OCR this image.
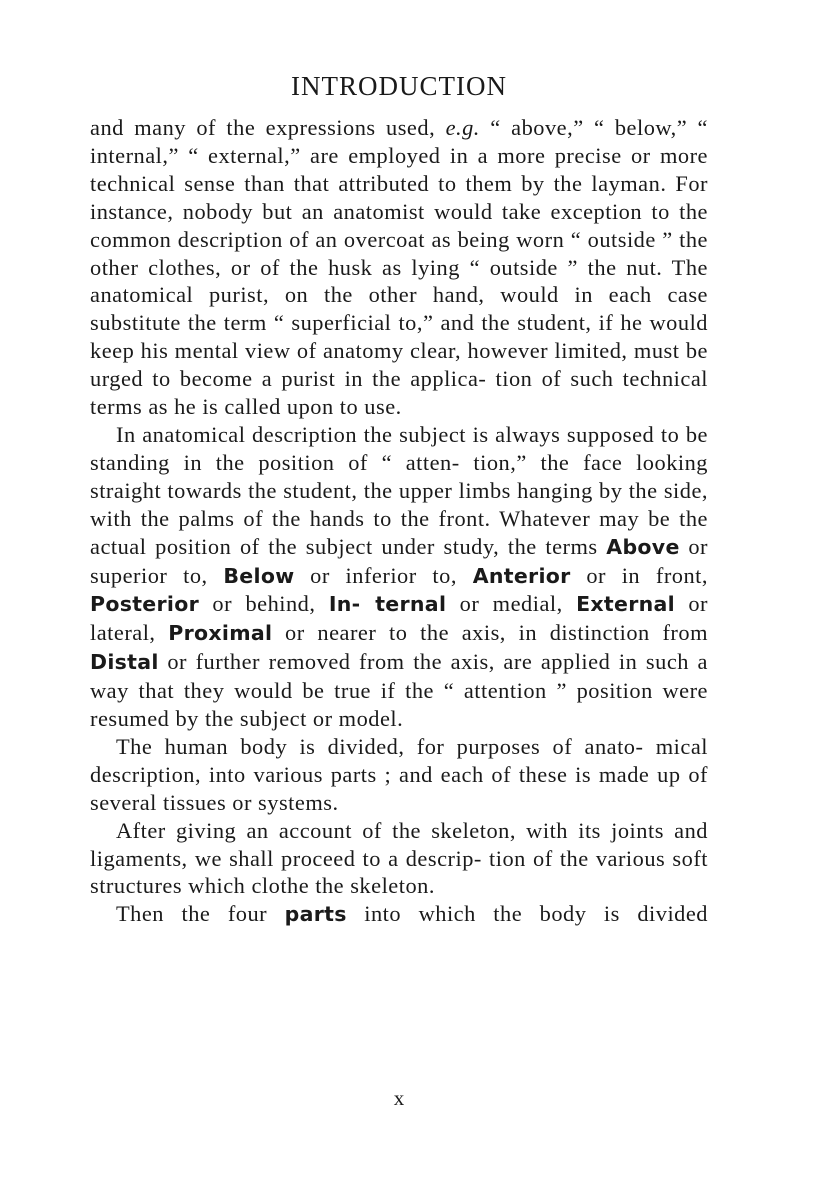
INTRODUCTION

and many of the expressions used, e.g. “ above,” “ below,” “ internal,” “ external,” are employed in a more precise or more technical sense than that attributed to them by the layman. For instance, nobody but an anatomist would take exception to the common description of an overcoat as being worn “ outside ” the other clothes, or of the husk as lying “ outside ” the nut. The anatomical purist, on the other hand, would in each case substitute the term “ superficial to,” and the student, if he would keep his mental view of anatomy clear, however limited, must be urged to become a purist in the applica- tion of such technical terms as he is called upon to use.

In anatomical description the subject is always supposed to be standing in the position of “ atten- tion,” the face looking straight towards the student, the upper limbs hanging by the side, with the palms of the hands to the front. Whatever may be the actual position of the subject under study, the terms Above or superior to, Below or inferior to, Anterior or in front, Posterior or behind, In- ternal or medial, External or lateral, Proximal or nearer to the axis, in distinction from Distal or further removed from the axis, are applied in such a way that they would be true if the “ attention ” position were resumed by the subject or model.

The human body is divided, for purposes of anato- mical description, into various parts ; and each of these is made up of several tissues or systems.

After giving an account of the skeleton, with its joints and ligaments, we shall proceed to a descrip- tion of the various soft structures which clothe the skeleton.

Then the four parts into which the body is divided

x
